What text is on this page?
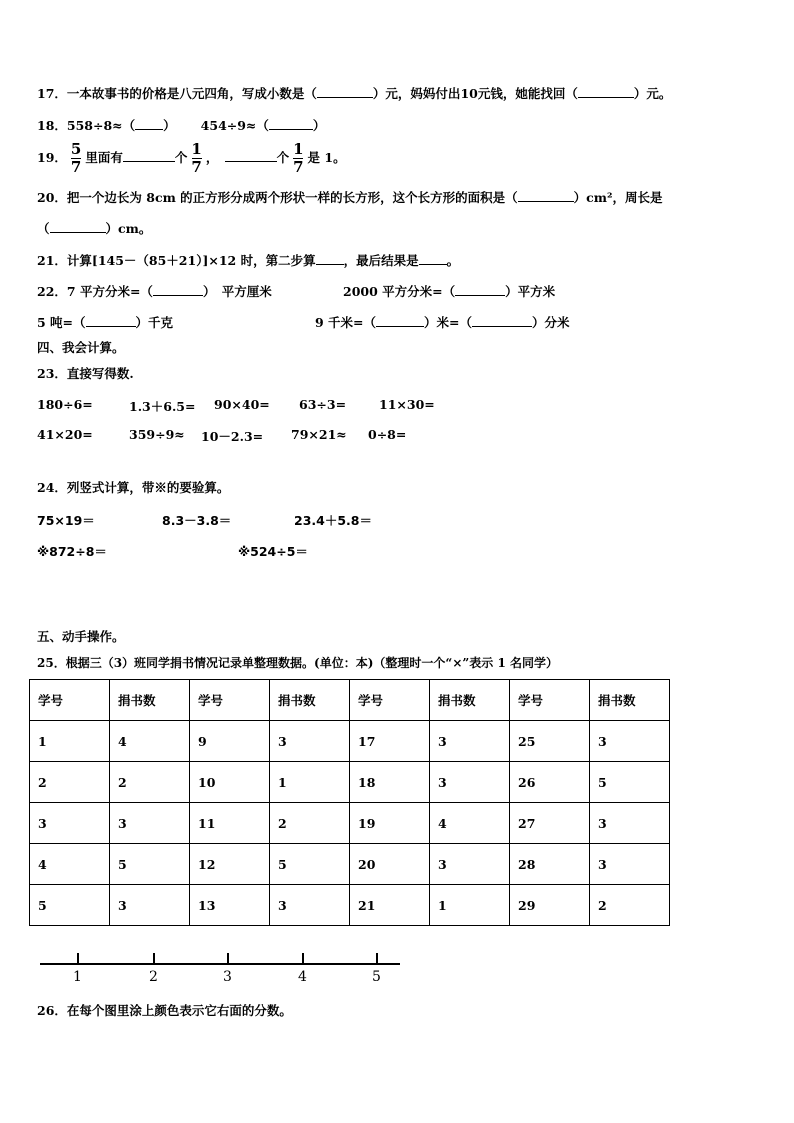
17．一本故事书的价格是八元四角，写成小数是（	）元，妈妈付出10元钱，她能找回（	）元。
18．558÷8≈（ ）   454÷9≈（	）
19． $\frac{5}{7}$ 里面有	个 $\frac{1}{7}$ ， 	个 $\frac{1}{7}$ 是 1。
20．把一个边长为 8cm 的正方形分成两个形状一样的长方形，这个长方形的面积是（	）cm²，周长是
（	）cm。
21．计算[145－（85＋21）]×12 时，第二步算 ，最后结果是 。
22．7 平方分米=（	）　平方厘米	2000 平方分米=（	）平方米
5 吨=（	）千克	9 千米=（	）米=（	）分米
四、我会计算。
23．直接写得数.
180÷6=	1.3＋6.5= 90×40= 63÷3=	11×30=
41×20=	359÷9≈ 10－2.3= 79×21≈ 0÷8=
24．列竖式计算，带※的要验算。
75×19＝	8.3－3.8＝	23.4＋5.8＝
※872÷8＝	※524÷5＝
五、动手操作。
25．根据三（3）班同学捐书情况记录单整理数据。(单位：本)（整理时一个“×”表示 1 名同学）
学号	捐书数	学号	捐书数	学号	捐书数	学号	捐书数
1	4	9	3	17	3	25	3
2	2	10	1	18	3	26	5
3	3	11	2	19	4	27	3
4	5	12	5	20	3	28	3
5	3	13	3	21	1	29	2
1	2	3	4	5
26．在每个图里涂上颜色表示它右面的分数。
